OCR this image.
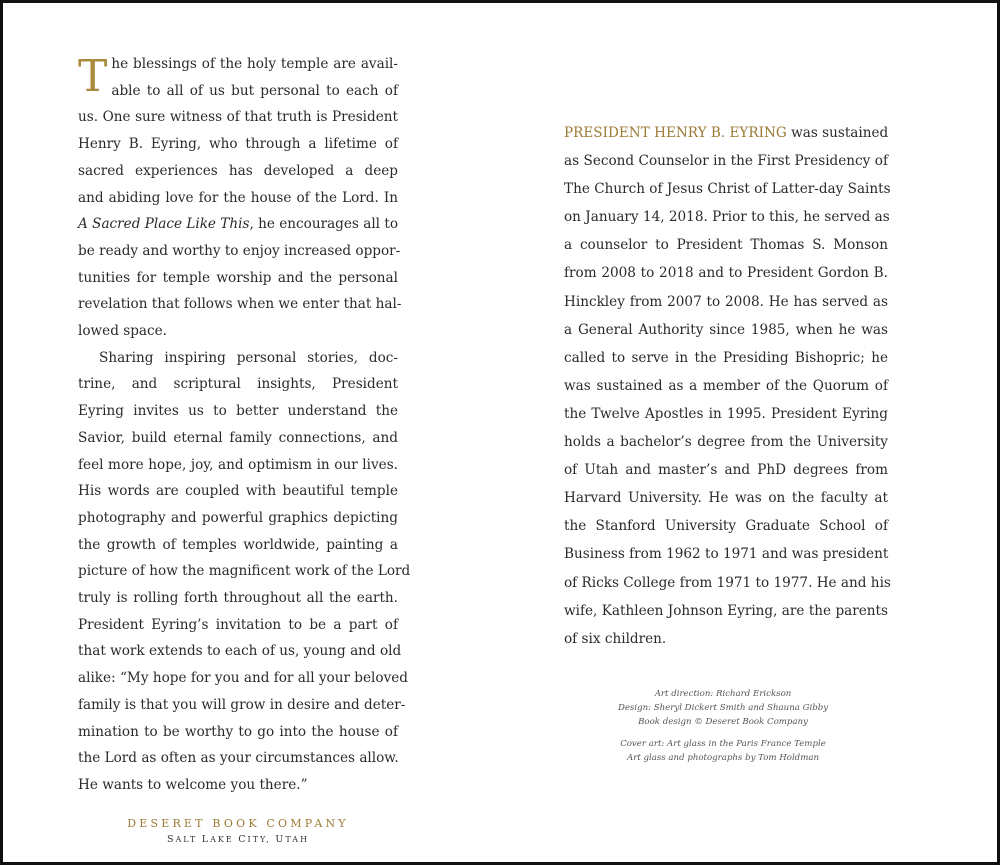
T he blessings of the holy temple are avail-
able to all of us but personal to each of
us. One sure witness of that truth is President
Henry B. Eyring, who through a lifetime of
sacred experiences has developed a deep
and abiding love for the house of the Lord. In
A Sacred Place Like This, he encourages all to
be ready and worthy to enjoy increased oppor-
tunities for temple worship and the personal
revelation that follows when we enter that hal-
lowed space.
Sharing inspiring personal stories, doc-
trine, and scriptural insights, President
Eyring invites us to better understand the
Savior, build eternal family connections, and
feel more hope, joy, and optimism in our lives.
His words are coupled with beautiful temple
photography and powerful graphics depicting
the growth of temples worldwide, painting a
picture of how the magnificent work of the Lord
truly is rolling forth throughout all the earth.
President Eyring’s invitation to be a part of
that work extends to each of us, young and old
alike: “My hope for you and for all your beloved
family is that you will grow in desire and deter-
mination to be worthy to go into the house of
the Lord as often as your circumstances allow.
He wants to welcome you there.”
PRESIDENT HENRY B. EYRING was sustained
as Second Counselor in the First Presidency of
The Church of Jesus Christ of Latter-day Saints
on January 14, 2018. Prior to this, he served as
a counselor to President Thomas S. Monson
from 2008 to 2018 and to President Gordon B.
Hinckley from 2007 to 2008. He has served as
a General Authority since 1985, when he was
called to serve in the Presiding Bishopric; he
was sustained as a member of the Quorum of
the Twelve Apostles in 1995. President Eyring
holds a bachelor’s degree from the University
of Utah and master’s and PhD degrees from
Harvard University. He was on the faculty at
the Stanford University Graduate School of
Business from 1962 to 1971 and was president
of Ricks College from 1971 to 1977. He and his
wife, Kathleen Johnson Eyring, are the parents
of six children.
Art direction: Richard Erickson
Design: Sheryl Dickert Smith and Shauna Gibby
Book design © Deseret Book Company
Cover art: Art glass in the Paris France Temple
Art glass and photographs by Tom Holdman
DESERET BOOK COMPANY
SALT LAKE CITY, UTAH
